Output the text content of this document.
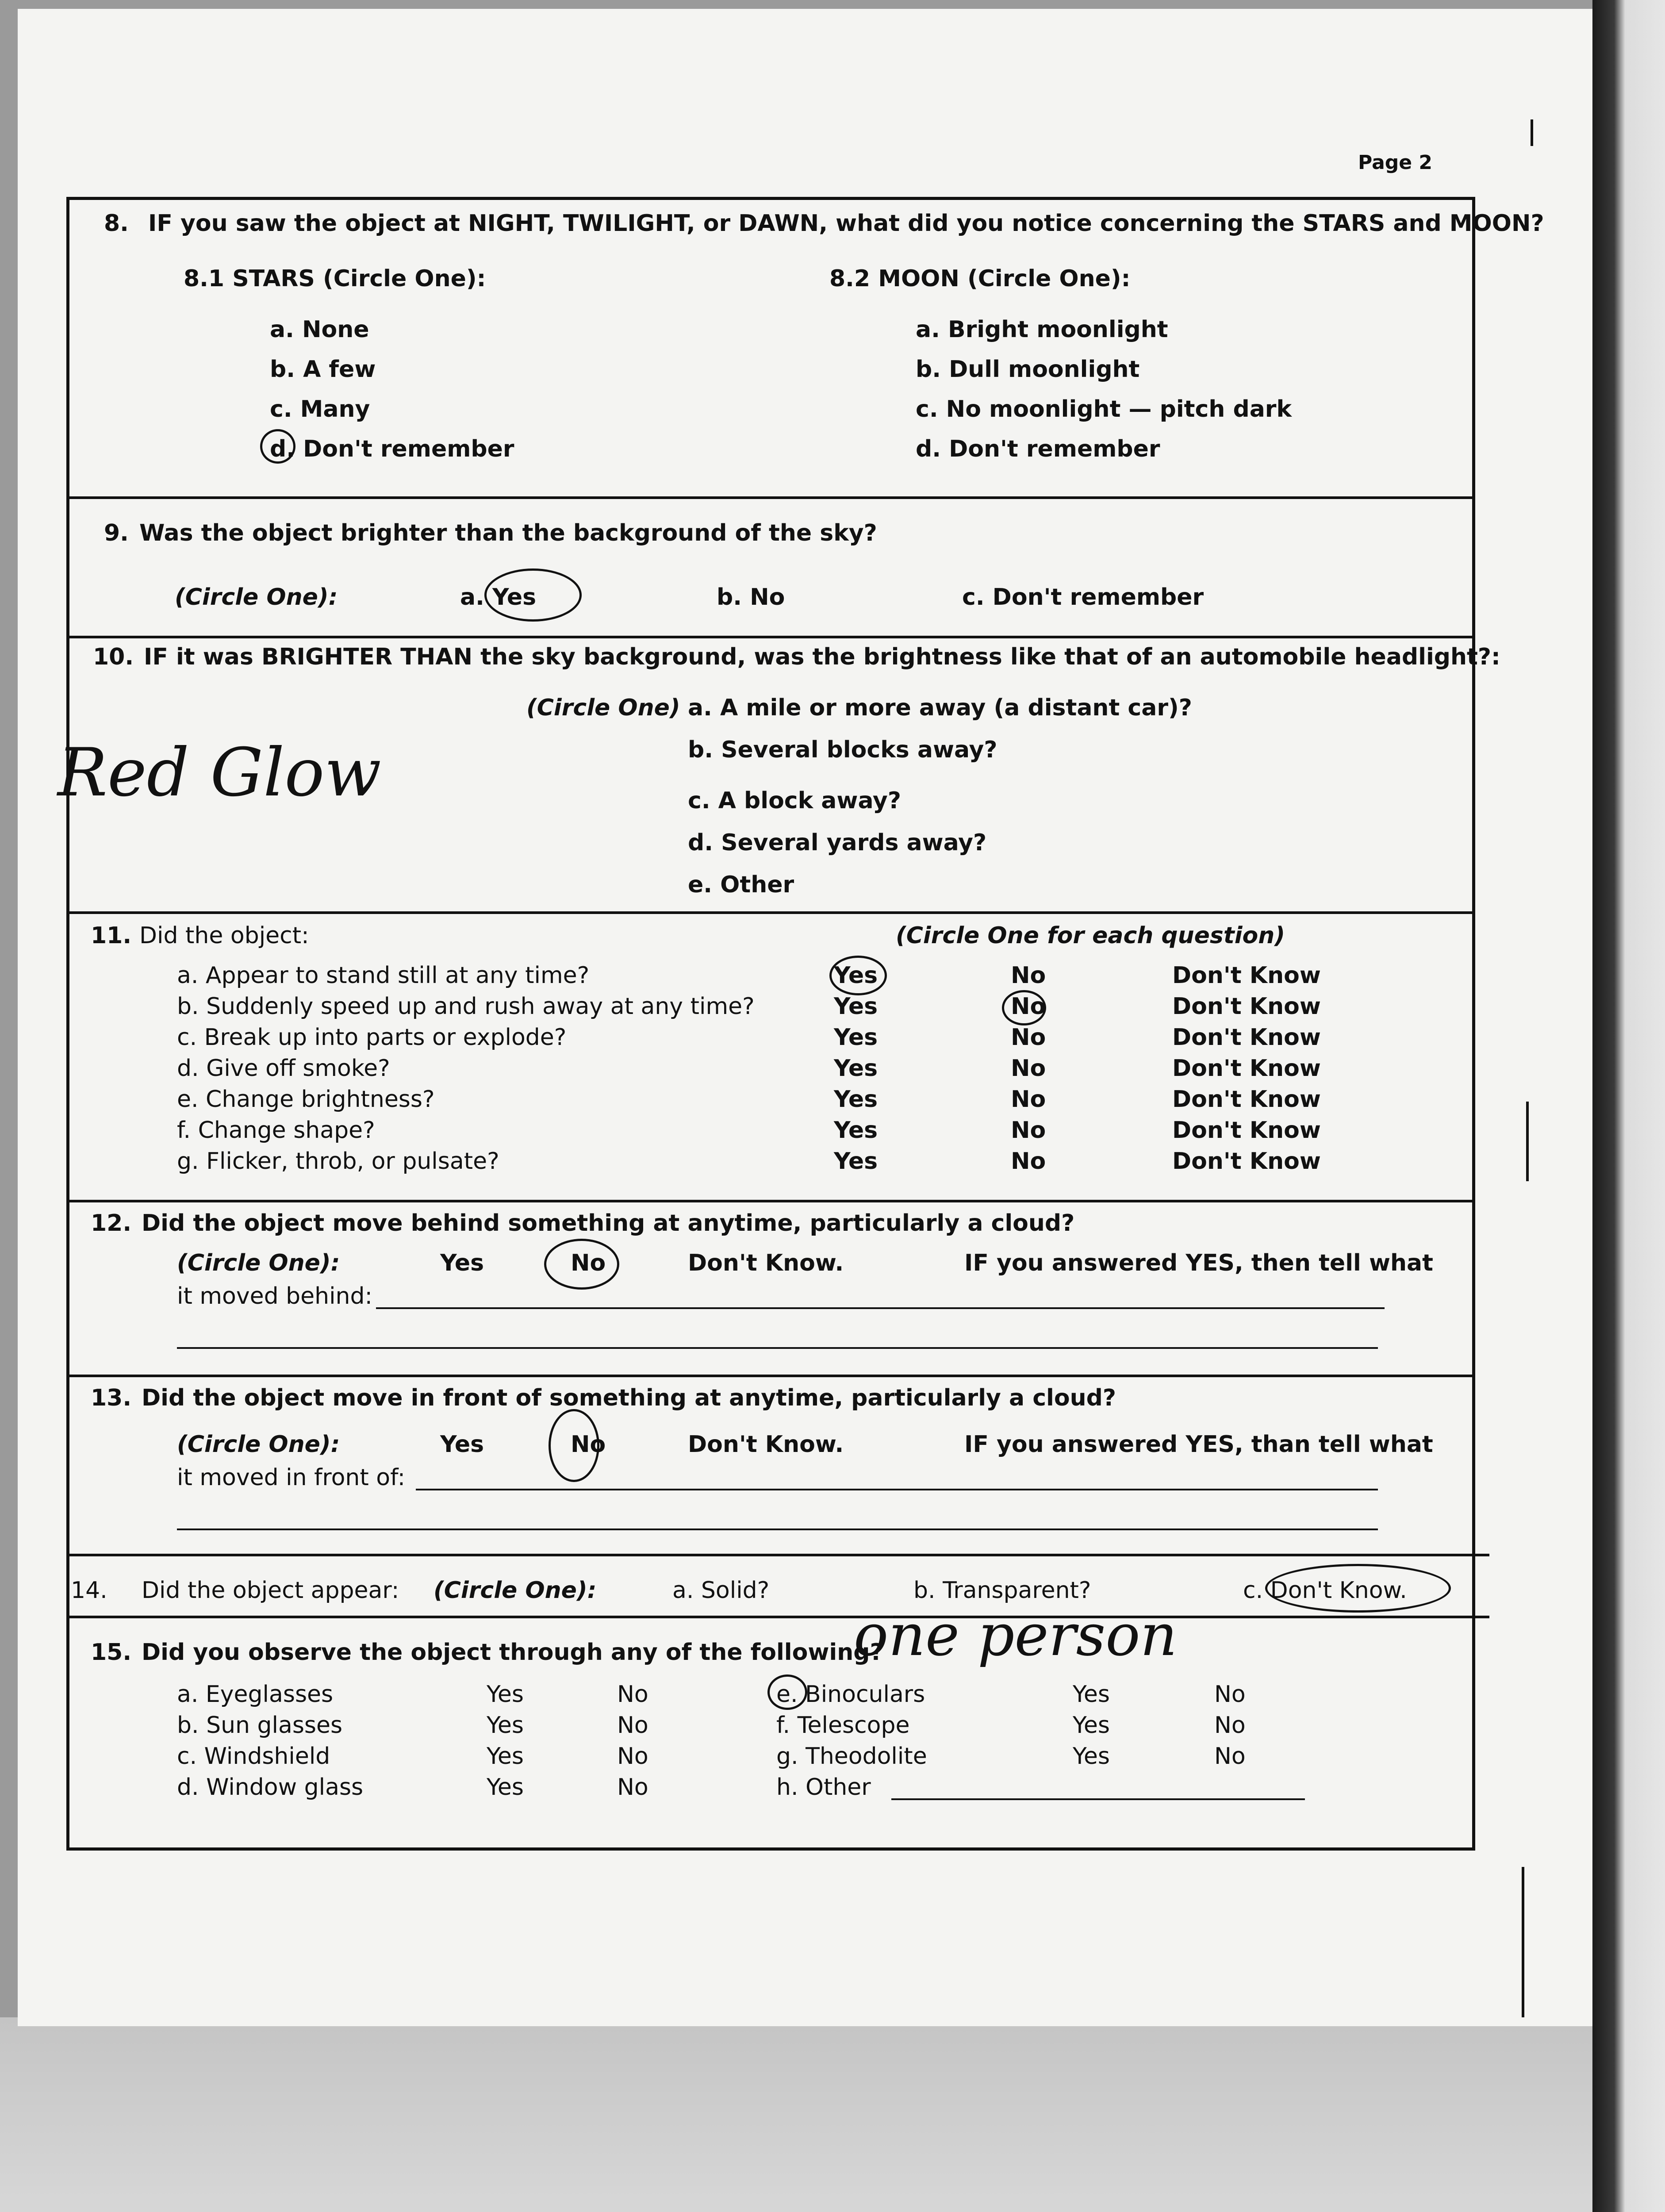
Page 2
8. IF you saw the object at NIGHT, TWILIGHT, or DAWN, what did you notice concerning the STARS and MOON?
8.1 STARS (Circle One):
a. None
b. A few
c. Many
d. Don't remember
8.2 MOON (Circle One):
a. Bright moonlight
b. Dull moonlight
c. No moonlight — pitch dark
d. Don't remember
9. Was the object brighter than the background of the sky?
(Circle One):	a. Yes	b. No	c. Don't remember
10. IF it was BRIGHTER THAN the sky background, was the brightness like that of an automobile headlight?:
(Circle One) a. A mile or more away (a distant car)?
b. Several blocks away?
c. A block away?
d. Several yards away?
e. Other
Red Glow
11. Did the object:	(Circle One for each question)
a. Appear to stand still at any time?	Yes	No	Don't Know
b. Suddenly speed up and rush away at any time?	Yes	No	Don't Know
c. Break up into parts or explode?	Yes	No	Don't Know
d. Give off smoke?	Yes	No	Don't Know
e. Change brightness?	Yes	No	Don't Know
f. Change shape?	Yes	No	Don't Know
g. Flicker, throb, or pulsate?	Yes	No	Don't Know
12. Did the object move behind something at anytime, particularly a cloud?
(Circle One):	Yes	No	Don't Know.	IF you answered YES, then tell what
it moved behind:
13. Did the object move in front of something at anytime, particularly a cloud?
(Circle One):	Yes	No	Don't Know.	IF you answered YES, than tell what
it moved in front of:
14. Did the object appear: (Circle One):	a. Solid?	b. Transparent?	c. Don't Know.
15. Did you observe the object through any of the following?
one person
a. Eyeglasses	Yes	No
b. Sun glasses	Yes	No
c. Windshield	Yes	No
d. Window glass	Yes	No
e. Binoculars	Yes	No
f. Telescope	Yes	No
g. Theodolite	Yes	No
h. Other
